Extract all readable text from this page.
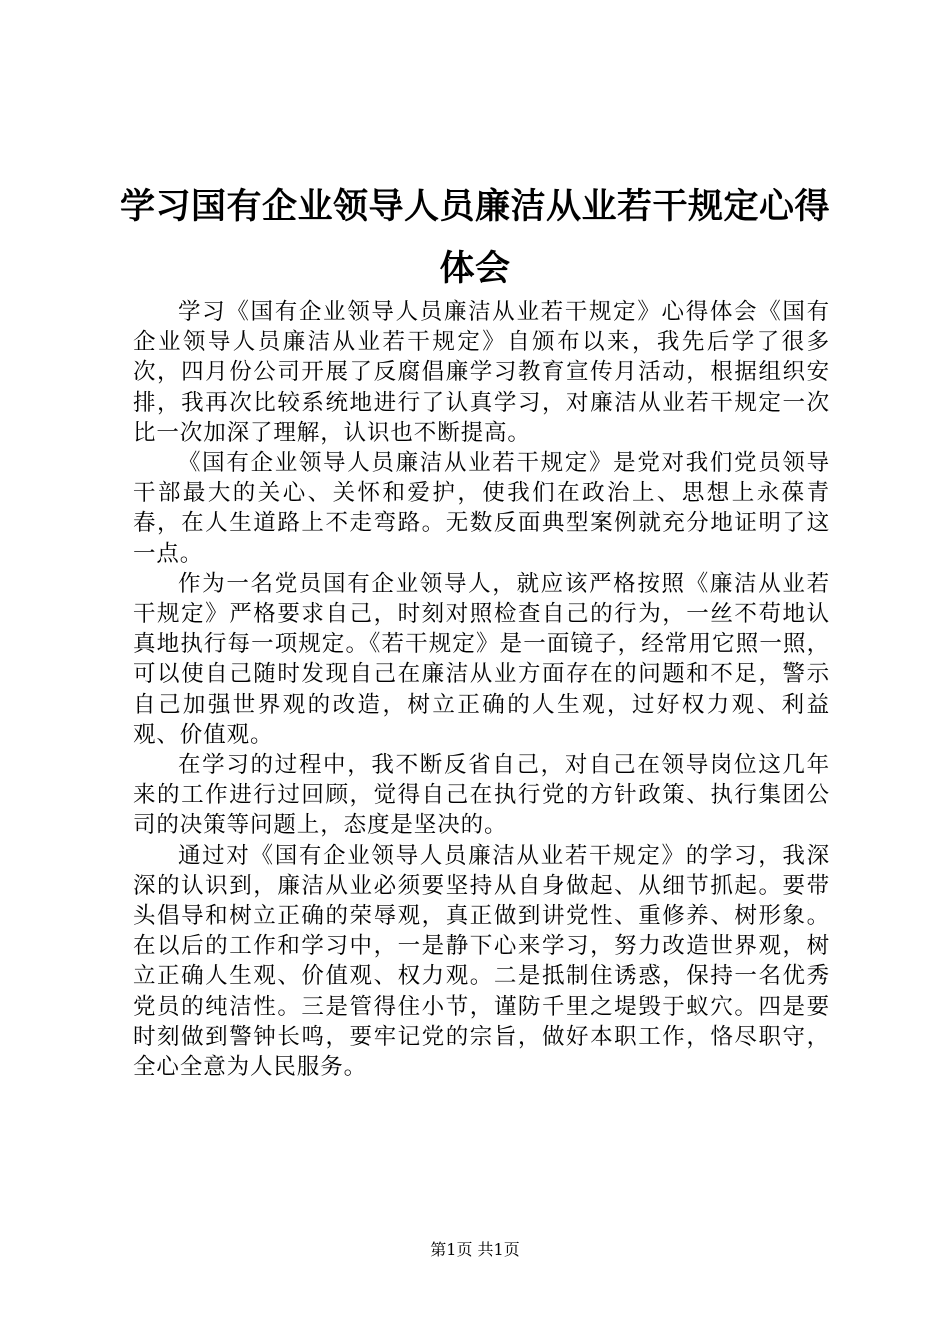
学习国有企业领导人员廉洁从业若干规定心得体会

学习《国有企业领导人员廉洁从业若干规定》心得体会《国有企业领导人员廉洁从业若干规定》自颁布以来，我先后学了很多次，四月份公司开展了反腐倡廉学习教育宣传月活动，根据组织安排，我再次比较系统地进行了认真学习，对廉洁从业若干规定一次比一次加深了理解，认识也不断提高。

《国有企业领导人员廉洁从业若干规定》是党对我们党员领导干部最大的关心、关怀和爱护，使我们在政治上、思想上永葆青春，在人生道路上不走弯路。无数反面典型案例就充分地证明了这一点。

作为一名党员国有企业领导人，就应该严格按照《廉洁从业若干规定》严格要求自己，时刻对照检查自己的行为，一丝不苟地认真地执行每一项规定。《若干规定》是一面镜子，经常用它照一照，可以使自己随时发现自己在廉洁从业方面存在的问题和不足，警示自己加强世界观的改造，树立正确的人生观，过好权力观、利益观、价值观。

在学习的过程中，我不断反省自己，对自己在领导岗位这几年来的工作进行过回顾，觉得自己在执行党的方针政策、执行集团公司的决策等问题上，态度是坚决的。

通过对《国有企业领导人员廉洁从业若干规定》的学习，我深深的认识到，廉洁从业必须要坚持从自身做起、从细节抓起。要带头倡导和树立正确的荣辱观，真正做到讲党性、重修养、树形象。在以后的工作和学习中，一是静下心来学习，努力改造世界观，树立正确人生观、价值观、权力观。二是抵制住诱惑，保持一名优秀党员的纯洁性。三是管得住小节，谨防千里之堤毁于蚁穴。四是要时刻做到警钟长鸣，要牢记党的宗旨，做好本职工作，恪尽职守，全心全意为人民服务。

第1页 共1页
